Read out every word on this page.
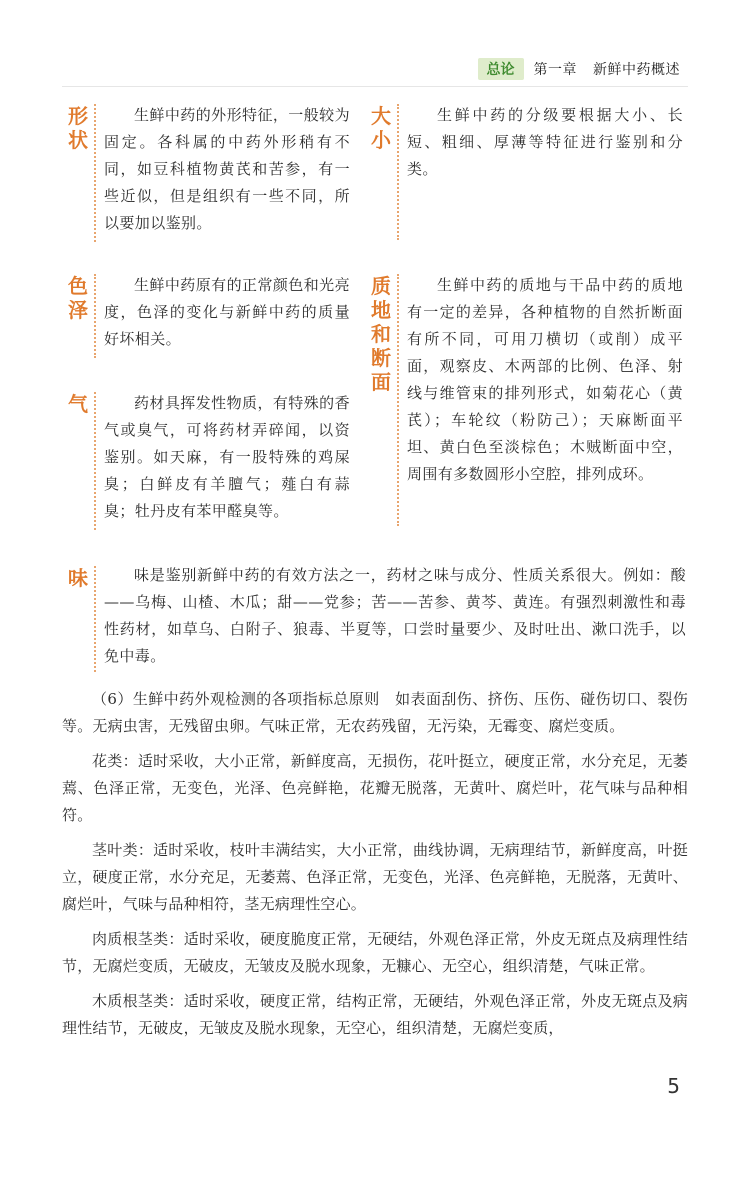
总论	第一章 新鲜中药概述
形状
生鲜中药的外形特征，一般较为固定。各科属的中药外形稍有不同，如豆科植物黄芪和苦参，有一些近似，但是组织有一些不同，所以要加以鉴别。
大小
生鲜中药的分级要根据大小、长短、粗细、厚薄等特征进行鉴别和分类。
色泽
生鲜中药原有的正常颜色和光亮度，色泽的变化与新鲜中药的质量好坏相关。
质地和断面
生鲜中药的质地与干品中药的质地有一定的差异，各种植物的自然折断面有所不同，可用刀横切（或削）成平面，观察皮、木两部的比例、色泽、射线与维管束的排列形式，如菊花心（黄芪）；车轮纹（粉防己）；天麻断面平坦、黄白色至淡棕色；木贼断面中空，周围有多数圆形小空腔，排列成环。
气	药材具挥发性物质，有特殊的香气或臭气，可将药材弄碎闻，以资鉴别。如天麻，有一股特殊的鸡屎臭；白鲜皮有羊膻气；薤白有蒜臭；牡丹皮有苯甲醛臭等。
味	味是鉴别新鲜中药的有效方法之一，药材之味与成分、性质关系很大。例如：酸——乌梅、山楂、木瓜；甜——党参；苦——苦参、黄芩、黄连。有强烈刺激性和毒性药材，如草乌、白附子、狼毒、半夏等，口尝时量要少、及时吐出、漱口洗手，以免中毒。

（6）生鲜中药外观检测的各项指标总原则　如表面刮伤、挤伤、压伤、碰伤切口、裂伤等。无病虫害，无残留虫卵。气味正常，无农药残留，无污染，无霉变、腐烂变质。

花类：适时采收，大小正常，新鲜度高，无损伤，花叶挺立，硬度正常，水分充足，无萎蔫、色泽正常，无变色，光泽、色亮鲜艳，花瓣无脱落，无黄叶、腐烂叶，花气味与品种相符。

茎叶类：适时采收，枝叶丰满结实，大小正常，曲线协调，无病理结节，新鲜度高，叶挺立，硬度正常，水分充足，无萎蔫、色泽正常，无变色，光泽、色亮鲜艳，无脱落，无黄叶、腐烂叶，气味与品种相符，茎无病理性空心。

肉质根茎类：适时采收，硬度脆度正常，无硬结，外观色泽正常，外皮无斑点及病理性结节，无腐烂变质，无破皮，无皱皮及脱水现象，无糠心、无空心，组织清楚，气味正常。

木质根茎类：适时采收，硬度正常，结构正常，无硬结，外观色泽正常，外皮无斑点及病理性结节，无破皮，无皱皮及脱水现象，无空心，组织清楚，无腐烂变质，

5
